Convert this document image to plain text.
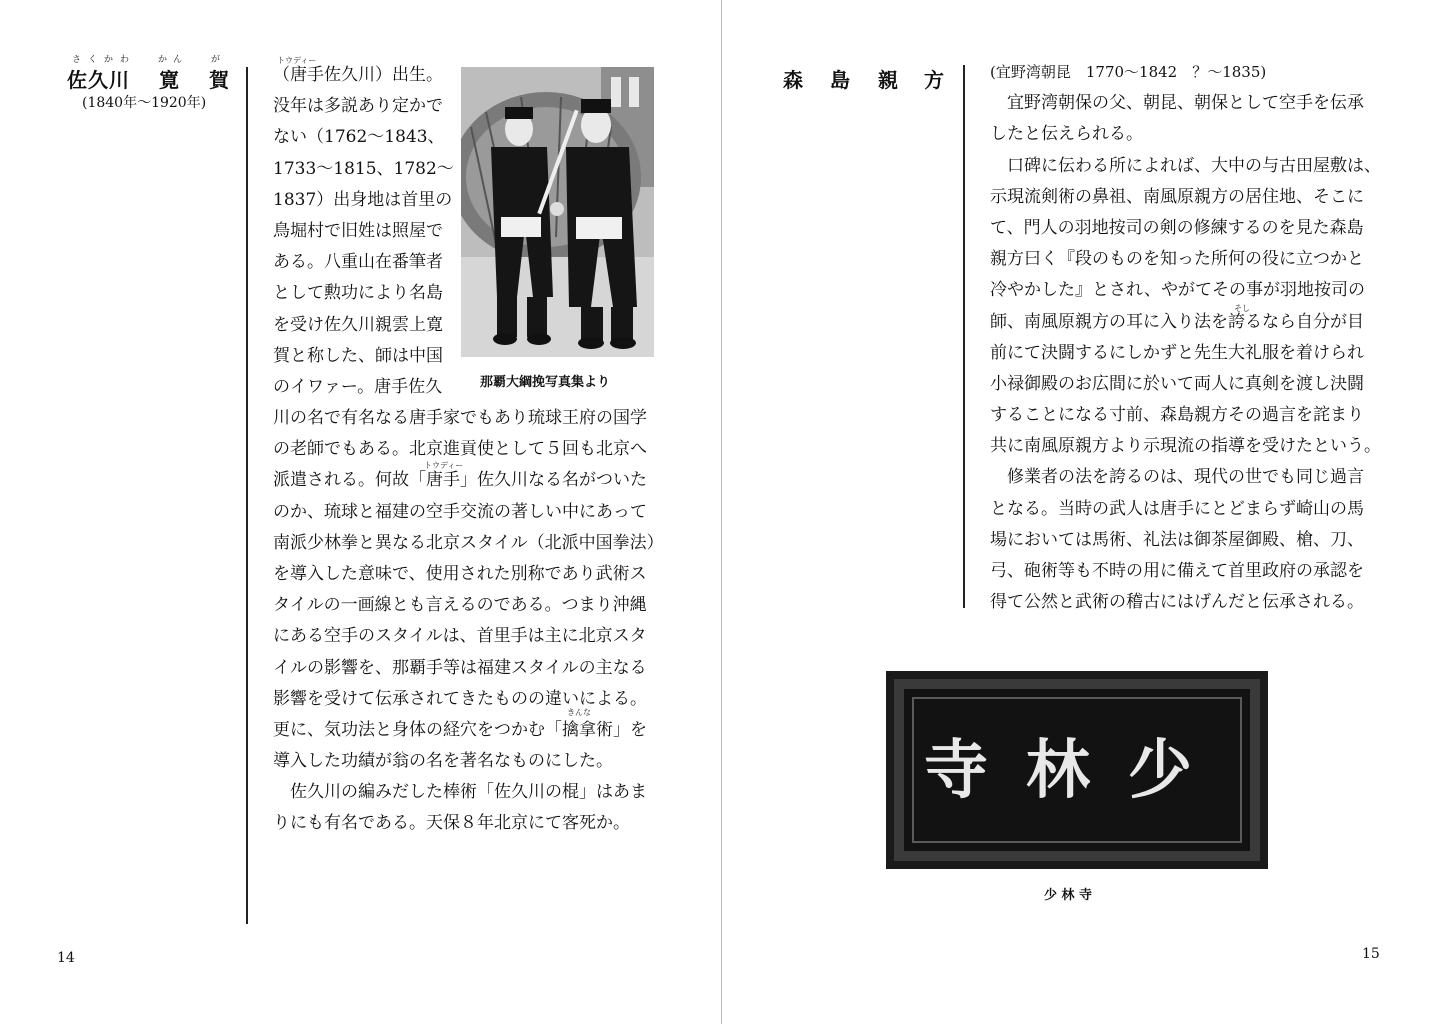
さくかわ かん	が
佐久川 寛 賀
(1840年～1920年)
トウディー
トウディー
きんな
（唐手佐久川）出生。
没年は多説あり定かで
ない（1762～1843、
1733～1815、1782～
1837）出身地は首里の
鳥堀村で旧姓は照屋で
ある。八重山在番筆者
として勲功により名島
を受け佐久川親雲上寛
賀と称した、師は中国
のイワァー。唐手佐久
川の名で有名なる唐手家でもあり琉球王府の国学
の老師でもある。北京進貢使として５回も北京へ
派遣される。何故「唐手」佐久川なる名がついた
のか、琉球と福建の空手交流の著しい中にあって
南派少林拳と異なる北京スタイル（北派中国拳法）
を導入した意味で、使用された別称であり武術ス
タイルの一画線とも言えるのである。つまり沖縄
にある空手のスタイルは、首里手は主に北京スタ
イルの影響を、那覇手等は福建スタイルの主なる
影響を受けて伝承されてきたものの違いによる。
更に、気功法と身体の経穴をつかむ「擒拿術」を
導入した功績が翁の名を著名なものにした。
　佐久川の編みだした棒術「佐久川の棍」はあま
りにも有名である。天保８年北京にて客死か。
那覇大綱挽写真集より
14
森 島 親 方
そし
(宜野湾朝昆　1770～1842　？～1835)
　宜野湾朝保の父、朝昆、朝保として空手を伝承
したと伝えられる。
　口碑に伝わる所によれば、大中の与古田屋敷は、
示現流剣術の鼻祖、南風原親方の居住地、そこに
て、門人の羽地按司の剣の修練するのを見た森島
親方曰く『段のものを知った所何の役に立つかと
冷やかした』とされ、やがてその事が羽地按司の
師、南風原親方の耳に入り法を誇るなら自分が目
前にて決闘するにしかずと先生大礼服を着けられ
小禄御殿のお広間に於いて両人に真剣を渡し決闘
することになる寸前、森島親方その過言を詫まり
共に南風原親方より示現流の指導を受けたという。
　修業者の法を誇るのは、現代の世でも同じ過言
となる。当時の武人は唐手にとどまらず崎山の馬
場においては馬術、礼法は御茶屋御殿、槍、刀、
弓、砲術等も不時の用に備えて首里政府の承認を
得て公然と武術の稽古にはげんだと伝承される。
寺林少
少 林 寺
15
